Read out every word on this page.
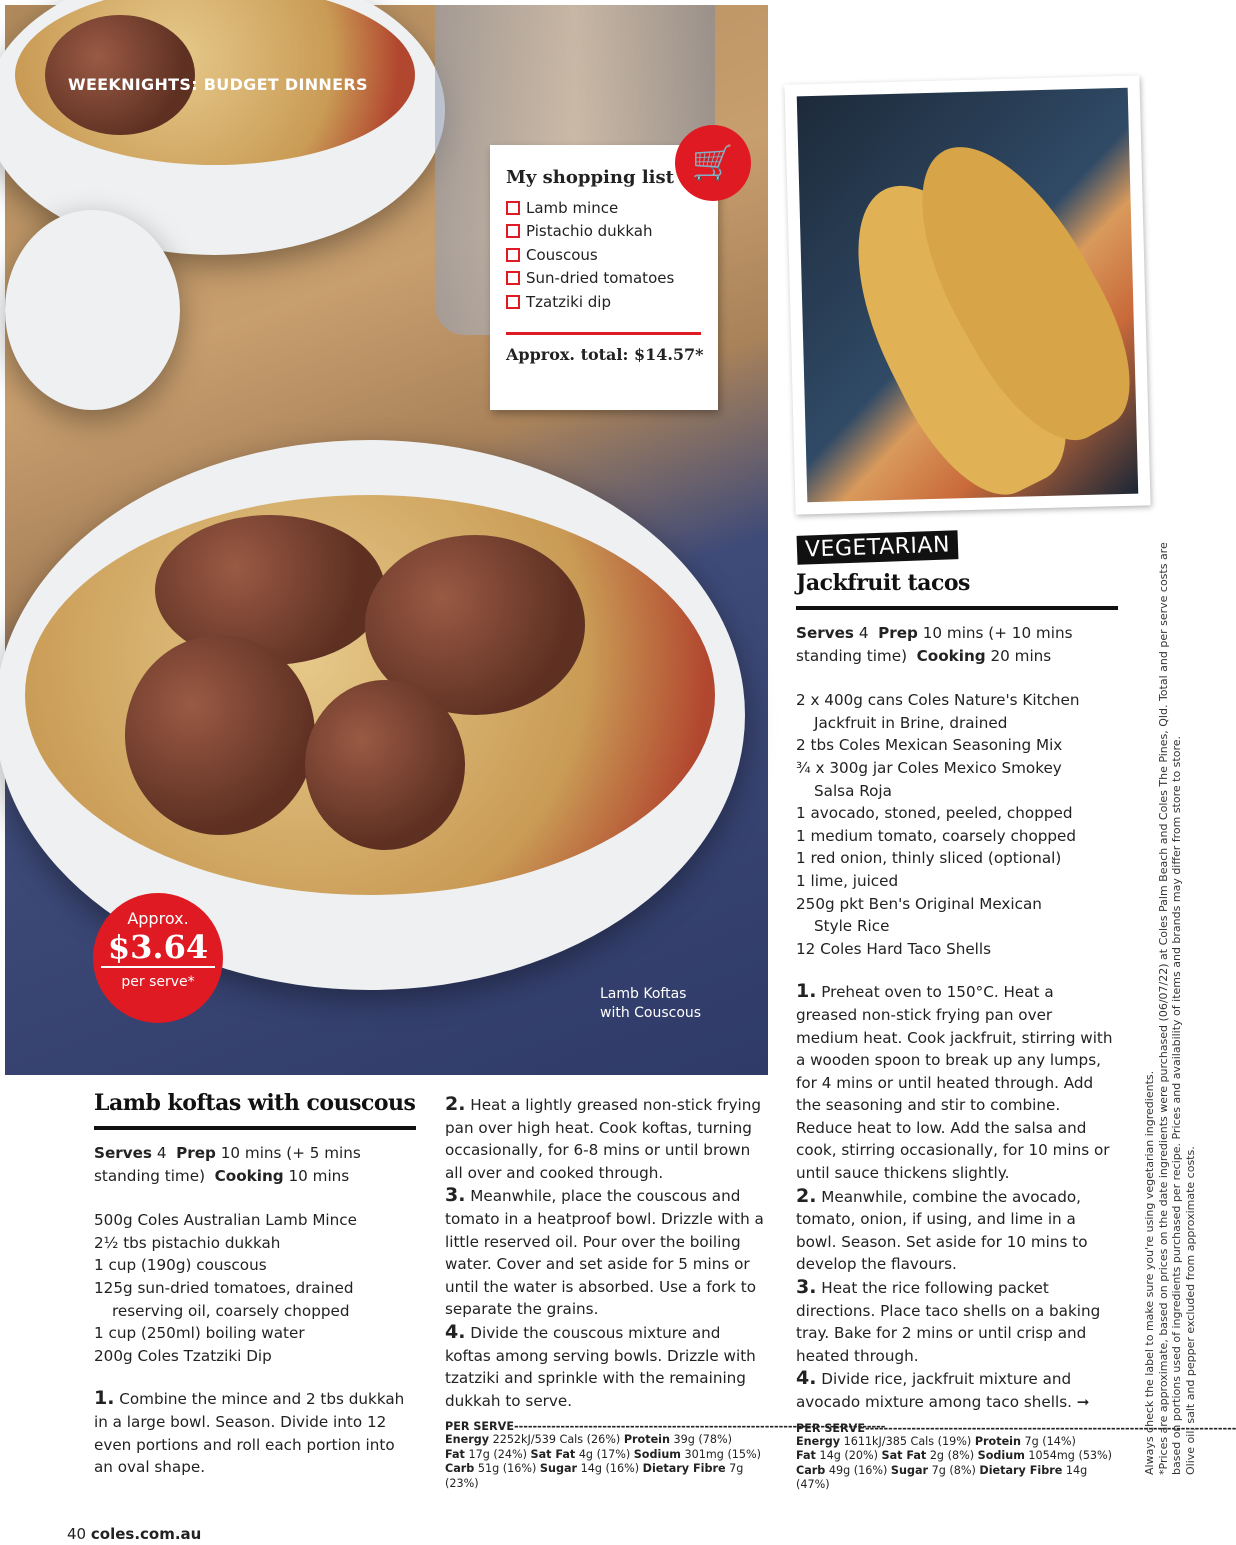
WEEKNIGHTS: BUDGET DINNERS
My shopping list
Lamb mince
Pistachio dukkah
Couscous
Sun-dried tomatoes
Tzatziki dip
Approx. total: $14.57*
🛒
Approx.
$3.64
per serve*
Lamb Koftas
with Couscous
Lamb koftas with couscous
Serves 4 Prep 10 mins (+ 5 mins standing time) Cooking 10 mins
500g Coles Australian Lamb Mince
2½ tbs pistachio dukkah
1 cup (190g) couscous
125g sun-dried tomatoes, drained
reserving oil, coarsely chopped
1 cup (250ml) boiling water
200g Coles Tzatziki Dip
1. Combine the mince and 2 tbs dukkah in a large bowl. Season. Divide into 12 even portions and roll each portion into an oval shape.
2. Heat a lightly greased non-stick frying pan over high heat. Cook koftas, turning occasionally, for 6-8 mins or until brown all over and cooked through.
3. Meanwhile, place the couscous and tomato in a heatproof bowl. Drizzle with a little reserved oil. Pour over the boiling water. Cover and set aside for 5 mins or until the water is absorbed. Use a fork to separate the grains.
4. Divide the couscous mixture and koftas among serving bowls. Drizzle with tzatziki and sprinkle with the remaining dukkah to serve.
PER SERVE--------------------------------------------------------------------------------
Energy 2252kJ/539 Cals (26%) Protein 39g (78%)
Fat 17g (24%) Sat Fat 4g (17%) Sodium 301mg (15%)
Carb 51g (16%) Sugar 14g (16%) Dietary Fibre 7g (23%)
VEGETARIAN
Jackfruit tacos
Serves 4 Prep 10 mins (+ 10 mins standing time) Cooking 20 mins
2 x 400g cans Coles Nature's Kitchen
Jackfruit in Brine, drained
2 tbs Coles Mexican Seasoning Mix
¾ x 300g jar Coles Mexico Smokey
Salsa Roja
1 avocado, stoned, peeled, chopped
1 medium tomato, coarsely chopped
1 red onion, thinly sliced (optional)
1 lime, juiced
250g pkt Ben's Original Mexican
Style Rice
12 Coles Hard Taco Shells
1. Preheat oven to 150°C. Heat a greased non-stick frying pan over medium heat. Cook jackfruit, stirring with a wooden spoon to break up any lumps, for 4 mins or until heated through. Add the seasoning and stir to combine. Reduce heat to low. Add the salsa and cook, stirring occasionally, for 10 mins or until sauce thickens slightly.
2. Meanwhile, combine the avocado, tomato, onion, if using, and lime in a bowl. Season. Set aside for 10 mins to develop the flavours.
3. Heat the rice following packet directions. Place taco shells on a baking tray. Bake for 2 mins or until crisp and heated through.
4. Divide rice, jackfruit mixture and avocado mixture among taco shells. ➞
PER SERVE--------------------------------------------------------------------------------
Energy 1611kJ/385 Cals (19%) Protein 7g (14%)
Fat 14g (20%) Sat Fat 2g (8%) Sodium 1054mg (53%)
Carb 49g (16%) Sugar 7g (8%) Dietary Fibre 14g (47%)
Always check the label to make sure you're using vegetarian ingredients. *Prices are approximate, based on prices on the date ingredients were purchased (06/07/22) at Coles Palm Beach and Coles The Pines, Qld. Total and per serve costs are based on portions used of ingredients purchased per recipe. Prices and availability of items and brands may differ from store to store. Olive oil, salt and pepper excluded from approximate costs.
40 coles.com.au
